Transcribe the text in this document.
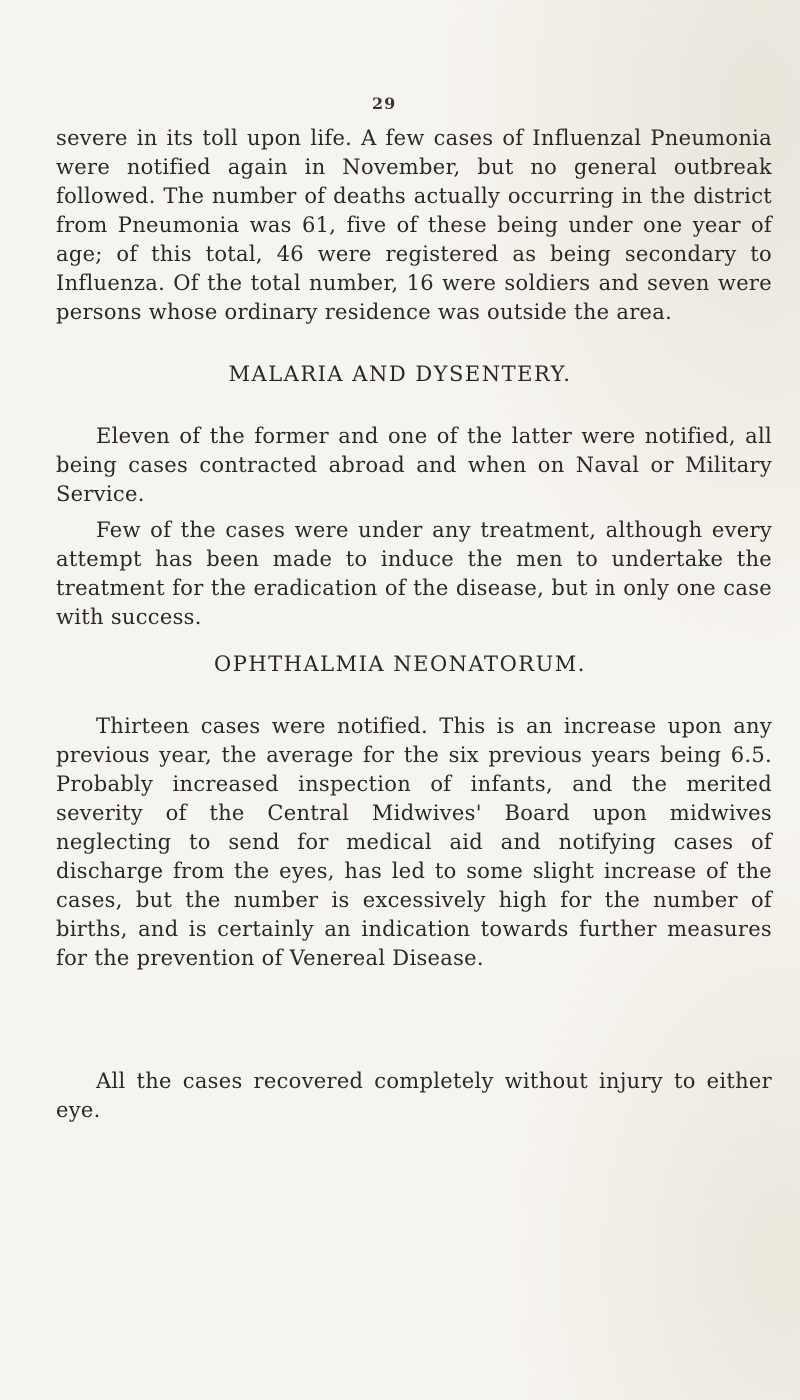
29

severe in its toll upon life. A few cases of Influenzal Pneumonia were notified again in November, but no general outbreak followed. The number of deaths actually occurring in the district from Pneumonia was 61, five of these being under one year of age; of this total, 46 were registered as being secondary to Influenza. Of the total number, 16 were soldiers and seven were persons whose ordinary residence was outside the area.

MALARIA AND DYSENTERY.

Eleven of the former and one of the latter were notified, all being cases contracted abroad and when on Naval or Military Service.

Few of the cases were under any treatment, although every attempt has been made to induce the men to undertake the treatment for the eradication of the disease, but in only one case with success.

OPHTHALMIA NEONATORUM.

Thirteen cases were notified. This is an increase upon any previous year, the average for the six previous years being 6.5. Probably increased inspection of infants, and the merited severity of the Central Midwives' Board upon midwives neglecting to send for medical aid and notifying cases of discharge from the eyes, has led to some slight increase of the cases, but the number is excessively high for the number of births, and is certainly an indication towards further measures for the prevention of Venereal Disease.

All the cases recovered completely without injury to either eye.
